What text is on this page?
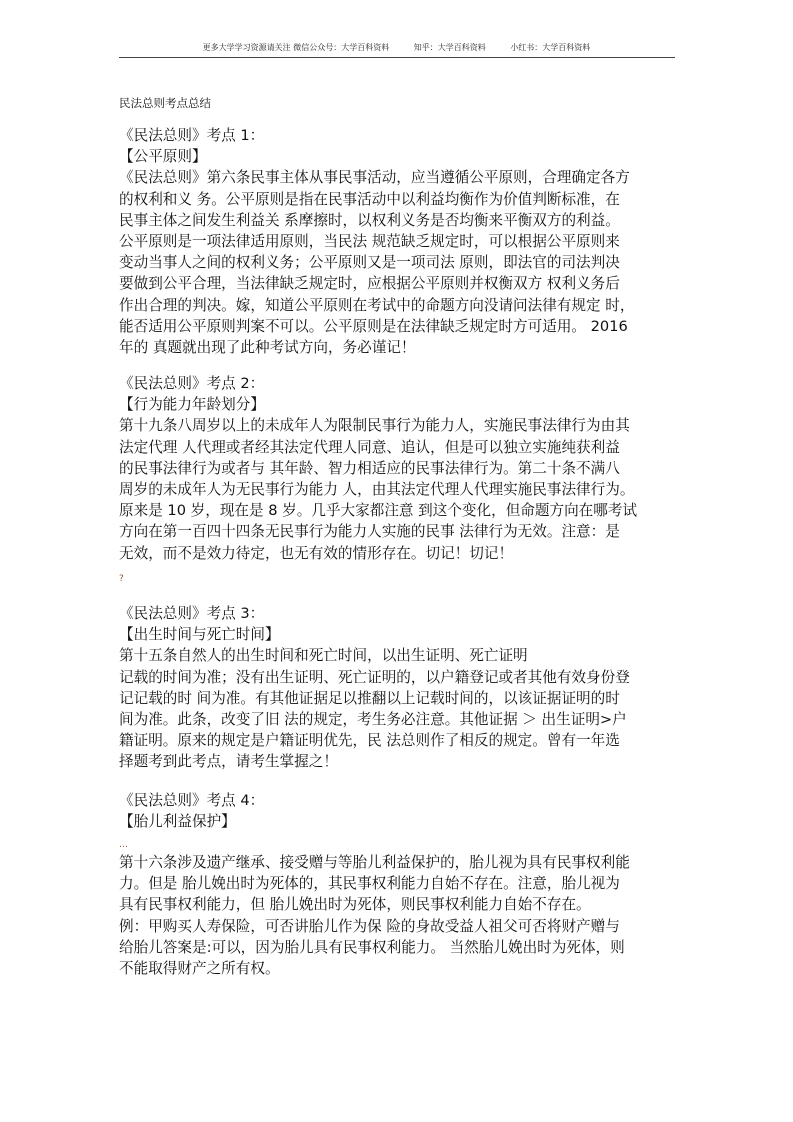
更多大学学习资源请关注 微信公众号：大学百科资料	知乎：大学百科资料	小红书：大学百科资料
民法总则考点总结
《民法总则》考点 1：
【公平原则】
《民法总则》第六条民事主体从事民事活动，应当遵循公平原则，合理确定各方
的权利和义 务。公平原则是指在民事活动中以利益均衡作为价值判断标准，在
民事主体之间发生利益关 系摩擦时，以权利义务是否均衡来平衡双方的利益。
公平原则是一项法律适用原则，当民法 规范缺乏规定时，可以根据公平原则来
变动当事人之间的权利义务；公平原则又是一项司法 原则，即法官的司法判决
要做到公平合理，当法律缺乏规定时，应根据公平原则并权衡双方 权利义务后
作出合理的判决。嫁，知道公平原则在考试中的命题方向没请问法律有规定 时，
能否适用公平原则判案不可以。公平原则是在法律缺乏规定时方可适用。 2016
年的 真题就出现了此种考试方向，务必谨记！
《民法总则》考点 2：
【行为能力年龄划分】
第十九条八周岁以上的未成年人为限制民事行为能力人，实施民事法律行为由其
法定代理 人代理或者经其法定代理人同意、追认，但是可以独立实施纯获利益
的民事法律行为或者与 其年龄、智力相适应的民事法律行为。第二十条不满八
周岁的未成年人为无民事行为能力 人，由其法定代理人代理实施民事法律行为。
原来是 10 岁，现在是 8 岁。几乎大家都注意 到这个变化，但命题方向在哪考试
方向在第一百四十四条无民事行为能力人实施的民事 法律行为无效。注意：是
无效，而不是效力待定，也无有效的情形存在。切记！切记！
?
《民法总则》考点 3：
【出生时间与死亡时间】
第十五条自然人的出生时间和死亡时间，以出生证明、死亡证明
记载的时间为准；没有出生证明、死亡证明的，以户籍登记或者其他有效身份登
记记载的时 间为准。有其他证据足以推翻以上记载时间的，以该证据证明的时
间为准。此条，改变了旧 法的规定，考生务必注意。其他证据 ＞ 出生证明>户
籍证明。原来的规定是户籍证明优先，民 法总则作了相反的规定。曾有一年选
择题考到此考点，请考生掌握之！
《民法总则》考点 4：
【胎儿利益保护】
…
第十六条涉及遗产继承、接受赠与等胎儿利益保护的，胎儿视为具有民事权利能
力。但是 胎儿娩出时为死体的，其民事权利能力自始不存在。注意，胎儿视为
具有民事权利能力，但 胎儿娩出时为死体，则民事权利能力自始不存在。
例：甲购买人寿保险，可否讲胎儿作为保 险的身故受益人祖父可否将财产赠与
给胎儿答案是:可以，因为胎儿具有民事权利能力。 当然胎儿娩出时为死体，则
不能取得财产之所有权。
